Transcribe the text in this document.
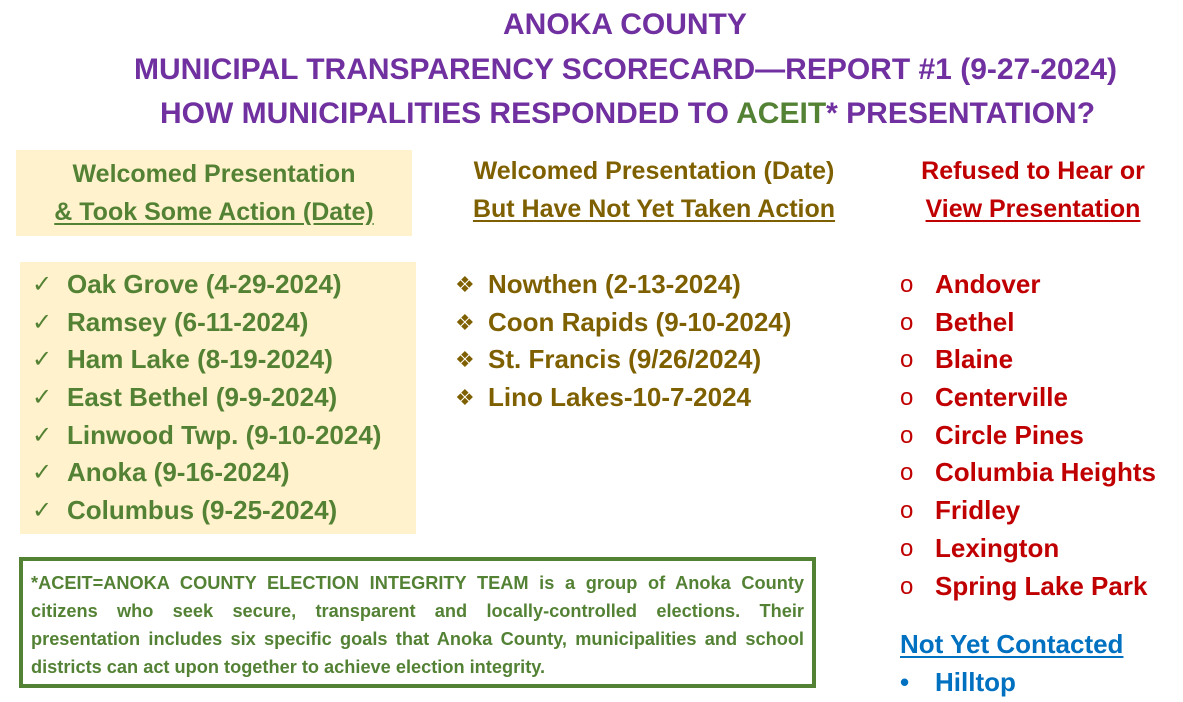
ANOKA COUNTY
MUNICIPAL TRANSPARENCY SCORECARD—REPORT #1 (9-27-2024)
HOW MUNICIPALITIES RESPONDED TO ACEIT* PRESENTATION?
Welcomed Presentation
& Took Some Action (Date)
✓ Oak Grove (4-29-2024)
✓ Ramsey (6-11-2024)
✓ Ham Lake (8-19-2024)
✓ East Bethel (9-9-2024)
✓ Linwood Twp. (9-10-2024)
✓ Anoka (9-16-2024)
✓ Columbus (9-25-2024)
Welcomed Presentation (Date)
But Have Not Yet Taken Action
❖ Nowthen (2-13-2024)
❖ Coon Rapids (9-10-2024)
❖ St. Francis (9/26/2024)
❖ Lino Lakes-10-7-2024
Refused to Hear or
View Presentation
o Andover
o Bethel
o Blaine
o Centerville
o Circle Pines
o Columbia Heights
o Fridley
o Lexington
o Spring Lake Park
Not Yet Contacted
• Hilltop
*ACEIT=ANOKA COUNTY ELECTION INTEGRITY TEAM is a group of Anoka County citizens who seek secure, transparent and locally-controlled elections. Their presentation includes six specific goals that Anoka County, municipalities and school districts can act upon together to achieve election integrity.
